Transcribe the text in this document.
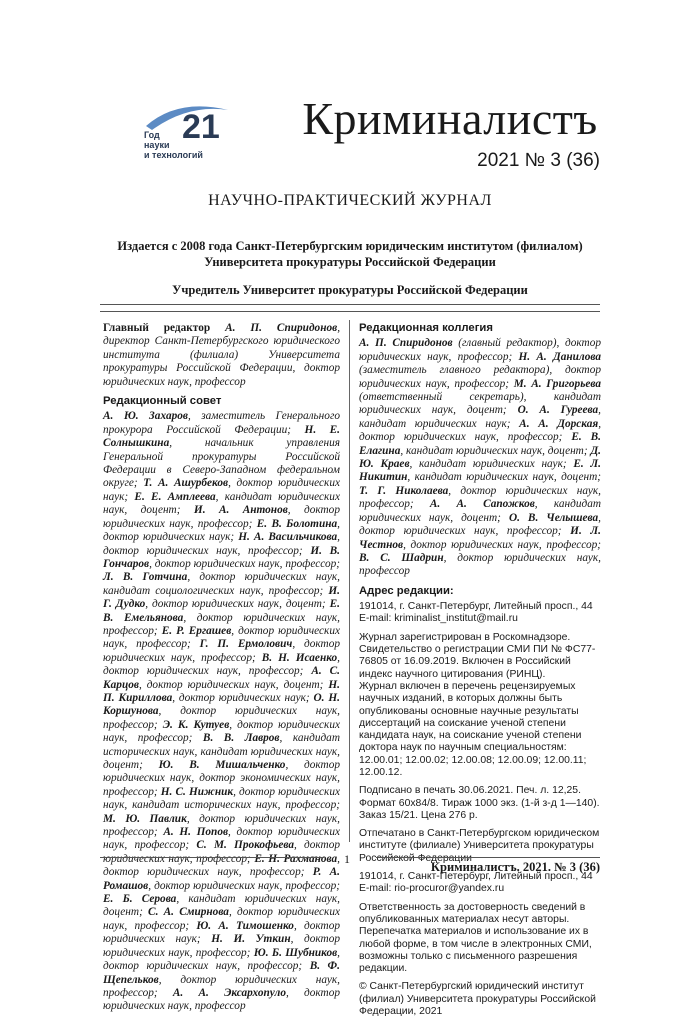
21
Год
науки
и технологий
Криминалистъ
2021 № 3 (36)
НАУЧНО-ПРАКТИЧЕСКИЙ ЖУРНАЛ
Издается с 2008 года Санкт-Петербургским юридическим институтом (филиалом) Университета прокуратуры Российской Федерации
Учредитель Университет прокуратуры Российской Федерации

Главный редактор А. П. Спиридонов, директор Санкт-Петербургского юридического института (филиала) Университета прокуратуры Российской Федерации, доктор юридических наук, профессор

Редакционный совет

А. Ю. Захаров, заместитель Генерального прокурора Российской Федерации; Н. Е. Солнышкина, начальник управления Генеральной прокуратуры Российской Федерации в Северо-Западном федеральном округе; Т. А. Ашурбеков, доктор юридических наук; Е. Е. Амплеева, кандидат юридических наук, доцент; И. А. Антонов, доктор юридических наук, профессор; Е. В. Болотина, доктор юридических наук; Н. А. Васильчикова, доктор юридических наук, профессор; И. В. Гончаров, доктор юридических наук, профессор; Л. В. Готчина, доктор юридических наук, кандидат социологических наук, профессор; И. Г. Дудко, доктор юридических наук, доцент; Е. В. Емельянова, доктор юридических наук, профессор; Е. Р. Ергашев, доктор юридических наук, профессор; Г. П. Ермолович, доктор юридических наук, профессор; В. Н. Исаенко, доктор юридических наук, профессор; А. С. Карцов, доктор юридических наук, доцент; Н. П. Кириллова, доктор юридических наук; О. Н. Коршунова, доктор юридических наук, профессор; Э. К. Кутуев, доктор юридических наук, профессор; В. В. Лавров, кандидат исторических наук, кандидат юридических наук, доцент; Ю. В. Мишальченко, доктор юридических наук, доктор экономических наук, профессор; Н. С. Нижник, доктор юридических наук, кандидат исторических наук, профессор; М. Ю. Павлик, доктор юридических наук, профессор; А. Н. Попов, доктор юридических наук, профессор; С. М. Прокофьева, доктор юридических наук, профессор; Е. Н. Рахманова, доктор юридических наук, профессор; Р. А. Ромашов, доктор юридических наук, профессор; Е. Б. Серова, кандидат юридических наук, доцент; С. А. Смирнова, доктор юридических наук, профессор; Ю. А. Тимошенко, доктор юридических наук; Н. И. Уткин, доктор юридических наук, профессор; Ю. Б. Шубников, доктор юридических наук, профессор; В. Ф. Щепельков, доктор юридических наук, профессор; А. А. Эксархопуло, доктор юридических наук, профессор

Редакционная коллегия

А. П. Спиридонов (главный редактор), доктор юридических наук, профессор; Н. А. Данилова (заместитель главного редактора), доктор юридических наук, профессор; М. А. Григорьева (ответственный секретарь), кандидат юридических наук, доцент; О. А. Гуреева, кандидат юридических наук; А. А. Дорская, доктор юридических наук, профессор; Е. В. Елагина, кандидат юридических наук, доцент; Д. Ю. Краев, кандидат юридических наук; Е. Л. Никитин, кандидат юридических наук, доцент; Т. Г. Николаева, доктор юридических наук, профессор; А. А. Сапожков, кандидат юридических наук, доцент; О. В. Челышева, доктор юридических наук, профессор; И. Л. Честнов, доктор юридических наук, профессор; В. С. Шадрин, доктор юридических наук, профессор

Адрес редакции:

191014, г. Санкт-Петербург, Литейный просп., 44
E-mail: kriminalist_institut@mail.ru

Журнал зарегистрирован в Роскомнадзоре. Свидетельство о регистрации СМИ ПИ № ФС77-76805 от 16.09.2019. Включен в Российский индекс научного цитирования (РИНЦ).

Журнал включен в перечень рецензируемых научных изданий, в которых должны быть опубликованы основные научные результаты диссертаций на соискание ученой степени кандидата наук, на соискание ученой степени доктора наук по научным специальностям: 12.00.01; 12.00.02; 12.00.08; 12.00.09; 12.00.11; 12.00.12.

Подписано в печать 30.06.2021. Печ. л. 12,25. Формат 60х84/8. Тираж 1000 экз. (1-й з-д 1—140). Заказ 15/21. Цена 276 р.

Отпечатано в Санкт-Петербургском юридическом институте (филиале) Университета прокуратуры Российской Федерации

191014, г. Санкт-Петербург, Литейный просп., 44
E-mail: rio-procuror@yandex.ru

Ответственность за достоверность сведений в опубликованных материалах несут авторы. Перепечатка материалов и использование их в любой форме, в том числе в электронных СМИ, возможны только с письменного разрешения редакции.

© Санкт-Петербургский юридический институт (филиал) Университета прокуратуры Российской Федерации, 2021

1
Криминалистъ. 2021. № 3 (36)
